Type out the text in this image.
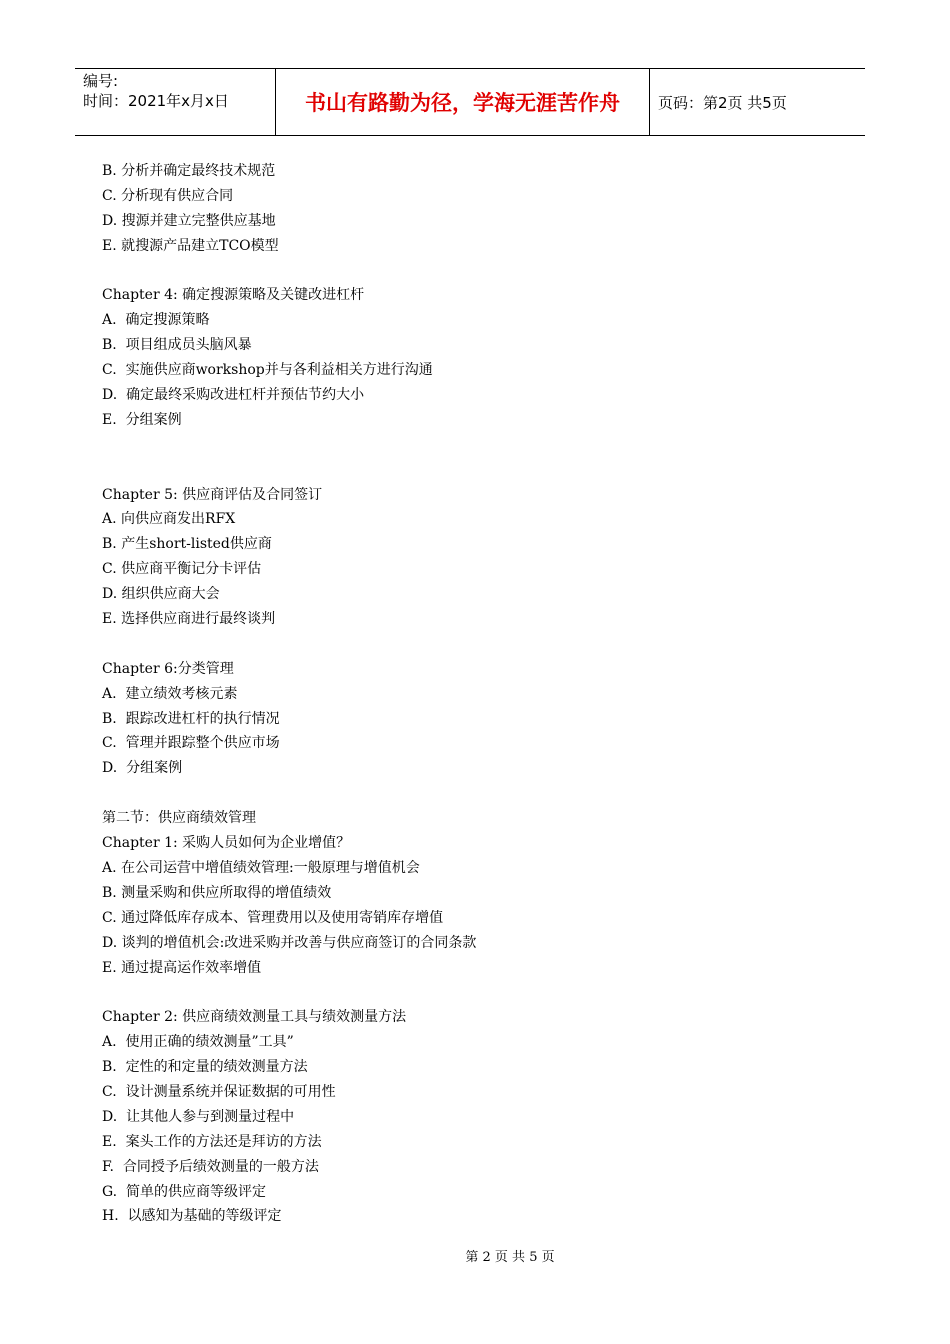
编号:
时间：2021年x月x日	书山有路勤为径，学海无涯苦作舟	页码：第2页 共5页
B. 分析并确定最终技术规范
C. 分析现有供应合同
D. 搜源并建立完整供应基地
E. 就搜源产品建立TCO模型
Chapter 4: 确定搜源策略及关键改进杠杆
A.  确定搜源策略
B.  项目组成员头脑风暴
C.  实施供应商workshop并与各利益相关方进行沟通
D.  确定最终采购改进杠杆并预估节约大小
E.  分组案例
Chapter 5: 供应商评估及合同签订
A. 向供应商发出RFX
B. 产生short-listed供应商
C. 供应商平衡记分卡评估
D. 组织供应商大会
E. 选择供应商进行最终谈判
Chapter 6:分类管理
A.  建立绩效考核元素
B.  跟踪改进杠杆的执行情况
C.  管理并跟踪整个供应市场
D.  分组案例
第二节：供应商绩效管理
Chapter 1: 采购人员如何为企业增值？
A. 在公司运营中增值绩效管理:一般原理与增值机会
B. 测量采购和供应所取得的增值绩效
C. 通过降低库存成本、管理费用以及使用寄销库存增值
D. 谈判的增值机会:改进采购并改善与供应商签订的合同条款
E. 通过提高运作效率增值
Chapter 2: 供应商绩效测量工具与绩效测量方法
A.  使用正确的绩效测量”工具”
B.  定性的和定量的绩效测量方法
C.  设计测量系统并保证数据的可用性
D.  让其他人参与到测量过程中
E.  案头工作的方法还是拜访的方法
F.  合同授予后绩效测量的一般方法
G.  简单的供应商等级评定
H.  以感知为基础的等级评定
第 2 页 共 5 页
